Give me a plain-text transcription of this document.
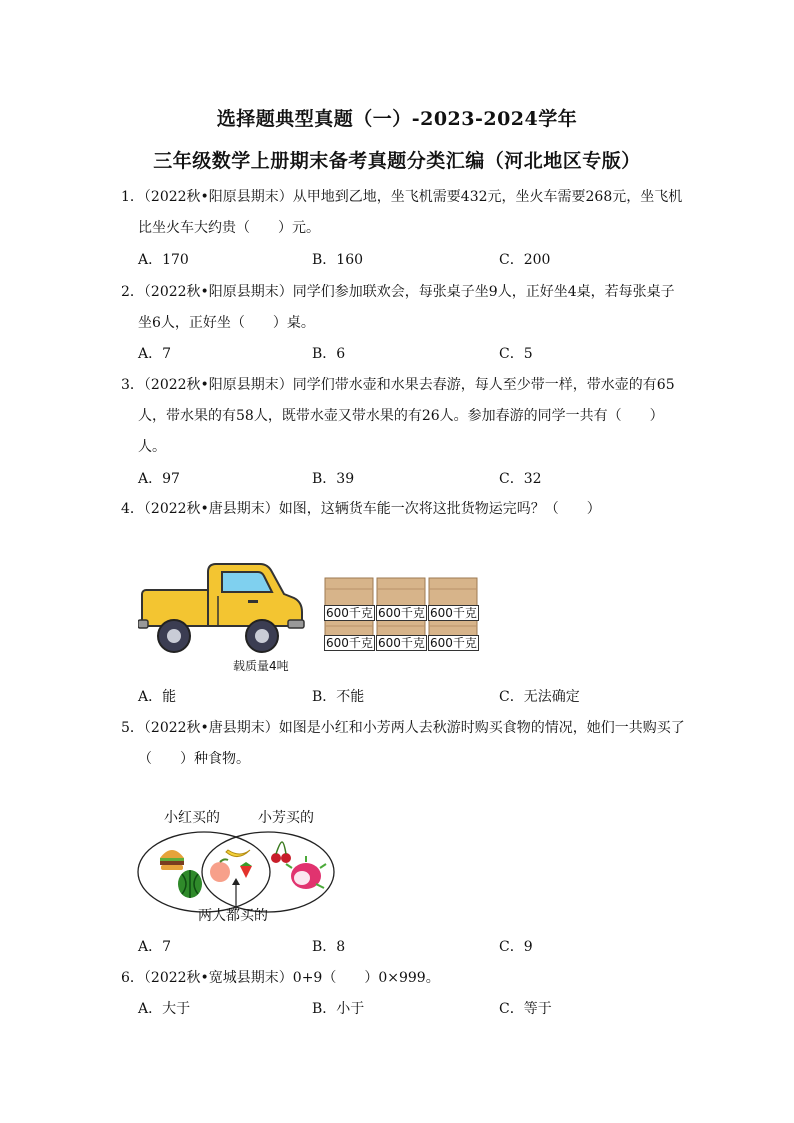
选择题典型真题（一）-2023-2024学年
三年级数学上册期末备考真题分类汇编（河北地区专版）
1．（2022秋•阳原县期末）从甲地到乙地，坐飞机需要432元，坐火车需要268元，坐飞机
比坐火车大约贵（　　）元。
A．170	B．160	C．200
2．（2022秋•阳原县期末）同学们参加联欢会，每张桌子坐9人，正好坐4桌，若每张桌子
坐6人，正好坐（　　）桌。
A．7	B．6	C．5
3．（2022秋•阳原县期末）同学们带水壶和水果去春游，每人至少带一样，带水壶的有65
人，带水果的有58人，既带水壶又带水果的有26人。参加春游的同学一共有（　　）
人。
A．97	B．39	C．32
4．（2022秋•唐县期末）如图，这辆货车能一次将这批货物运完吗？（　　）
载质量4吨
600千克 600千克 600千克
600千克 600千克 600千克
A．能	B．不能	C．无法确定
5．（2022秋•唐县期末）如图是小红和小芳两人去秋游时购买食物的情况，她们一共购买了
（　　）种食物。
小红买的	小芳买的
两人都买的
A．7	B．8	C．9
6．（2022秋•宽城县期末）0+9（　　）0×999。
A．大于	B．小于	C．等于
